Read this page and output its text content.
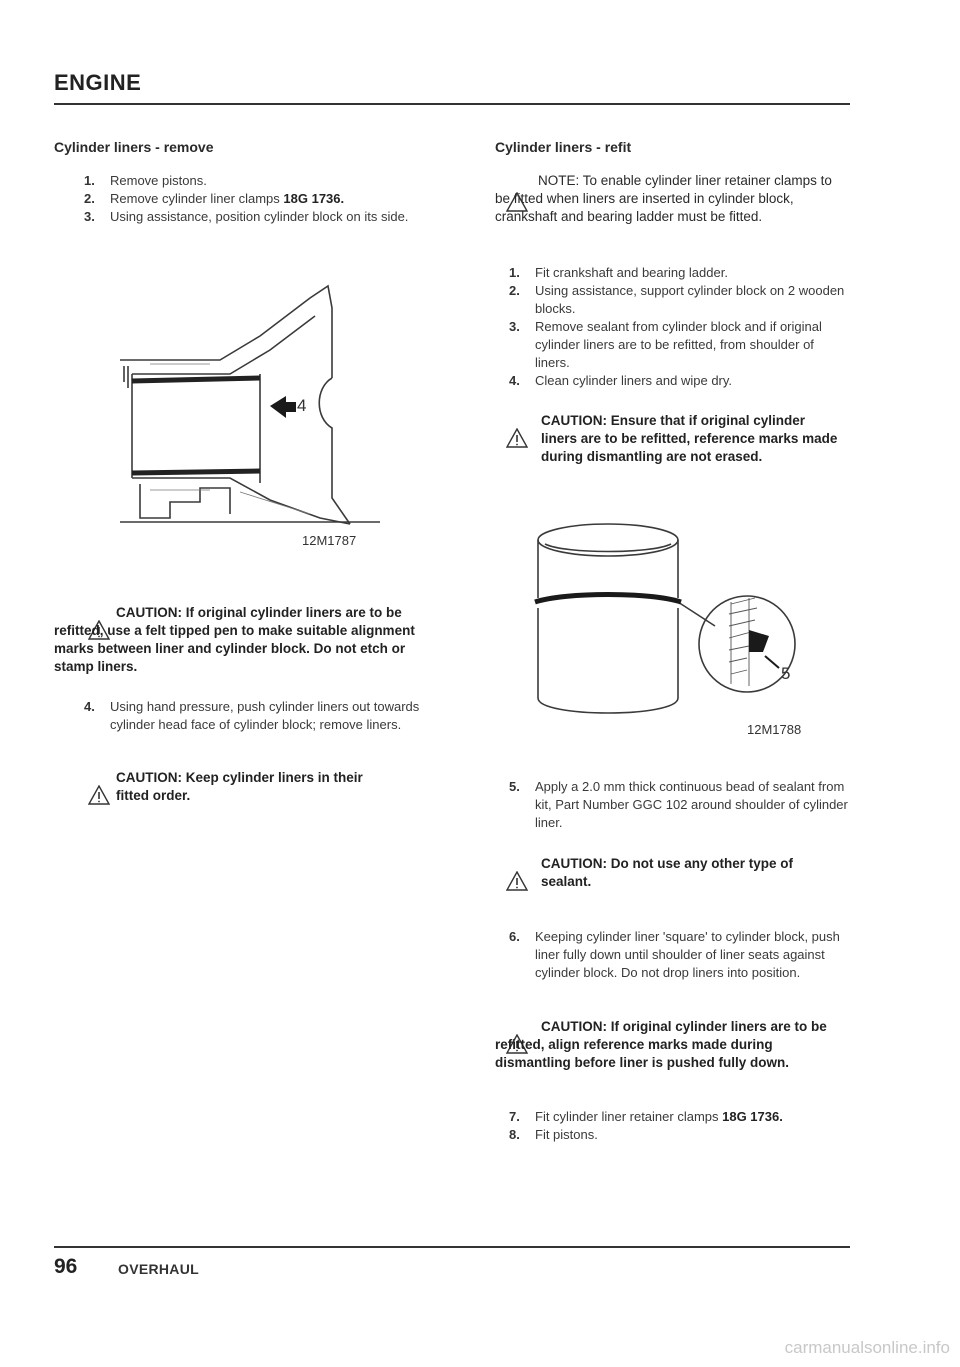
ENGINE
Cylinder liners - remove
1.	Remove pistons.
2.	Remove cylinder liner clamps 18G 1736.
3.	Using assistance, position cylinder block on its side.
4
12M1787
CAUTION: If original cylinder liners are to be refitted, use a felt tipped pen to make suitable alignment marks between liner and cylinder block. Do not etch or stamp liners.
4.	Using hand pressure, push cylinder liners out towards cylinder head face of cylinder block; remove liners.
CAUTION: Keep cylinder liners in their fitted order.
Cylinder liners - refit
NOTE: To enable cylinder liner retainer clamps to be fitted when liners are inserted in cylinder block, crankshaft and bearing ladder must be fitted.
1.	Fit crankshaft and bearing ladder.
2.	Using assistance, support cylinder block on 2 wooden blocks.
3.	Remove sealant from cylinder block and if original cylinder liners are to be refitted, from shoulder of liners.
4.	Clean cylinder liners and wipe dry.
CAUTION: Ensure that if original cylinder liners are to be refitted, reference marks made during dismantling are not erased.
5
12M1788
5.	Apply a 2.0 mm thick continuous bead of sealant from kit, Part Number GGC 102 around shoulder of cylinder liner.
CAUTION: Do not use any other type of sealant.
6.	Keeping cylinder liner 'square' to cylinder block, push liner fully down until shoulder of liner seats against cylinder block. Do not drop liners into position.
CAUTION: If original cylinder liners are to be refitted, align reference marks made during dismantling before liner is pushed fully down.
7.	Fit cylinder liner retainer clamps 18G 1736.
8.	Fit pistons.
96	OVERHAUL
carmanualsonline.info
